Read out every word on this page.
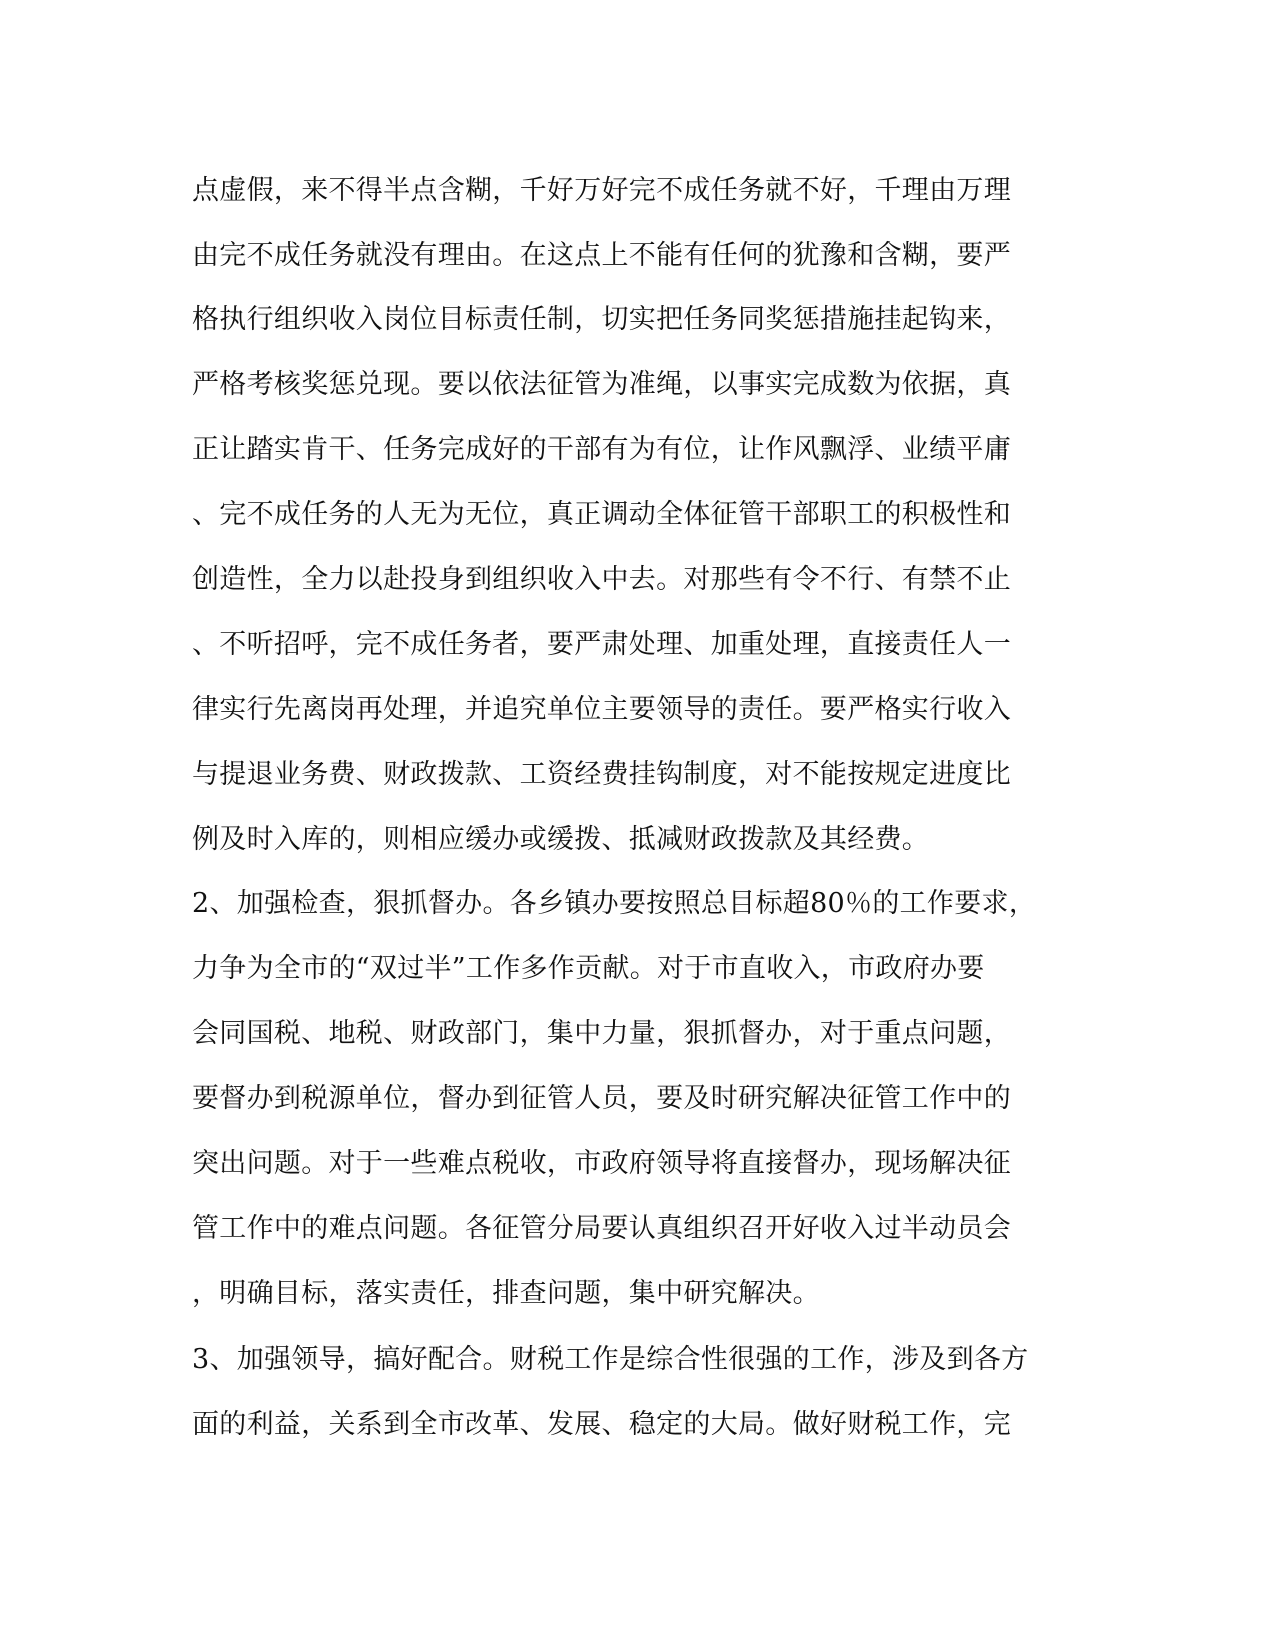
点虚假，来不得半点含糊，千好万好完不成任务就不好，千理由万理
由完不成任务就没有理由。在这点上不能有任何的犹豫和含糊，要严
格执行组织收入岗位目标责任制，切实把任务同奖惩措施挂起钩来，
严格考核奖惩兑现。要以依法征管为准绳，以事实完成数为依据，真
正让踏实肯干、任务完成好的干部有为有位，让作风飘浮、业绩平庸
、完不成任务的人无为无位，真正调动全体征管干部职工的积极性和
创造性，全力以赴投身到组织收入中去。对那些有令不行、有禁不止
、不听招呼，完不成任务者，要严肃处理、加重处理，直接责任人一
律实行先离岗再处理，并追究单位主要领导的责任。要严格实行收入
与提退业务费、财政拨款、工资经费挂钩制度，对不能按规定进度比
例及时入库的，则相应缓办或缓拨、抵减财政拨款及其经费。
2、加强检查，狠抓督办。各乡镇办要按照总目标超80％的工作要求，
力争为全市的“双过半”工作多作贡献。对于市直收入，市政府办要
会同国税、地税、财政部门，集中力量，狠抓督办，对于重点问题，
要督办到税源单位，督办到征管人员，要及时研究解决征管工作中的
突出问题。对于一些难点税收，市政府领导将直接督办，现场解决征
管工作中的难点问题。各征管分局要认真组织召开好收入过半动员会
，明确目标，落实责任，排查问题，集中研究解决。
3、加强领导，搞好配合。财税工作是综合性很强的工作，涉及到各方
面的利益，关系到全市改革、发展、稳定的大局。做好财税工作，完
